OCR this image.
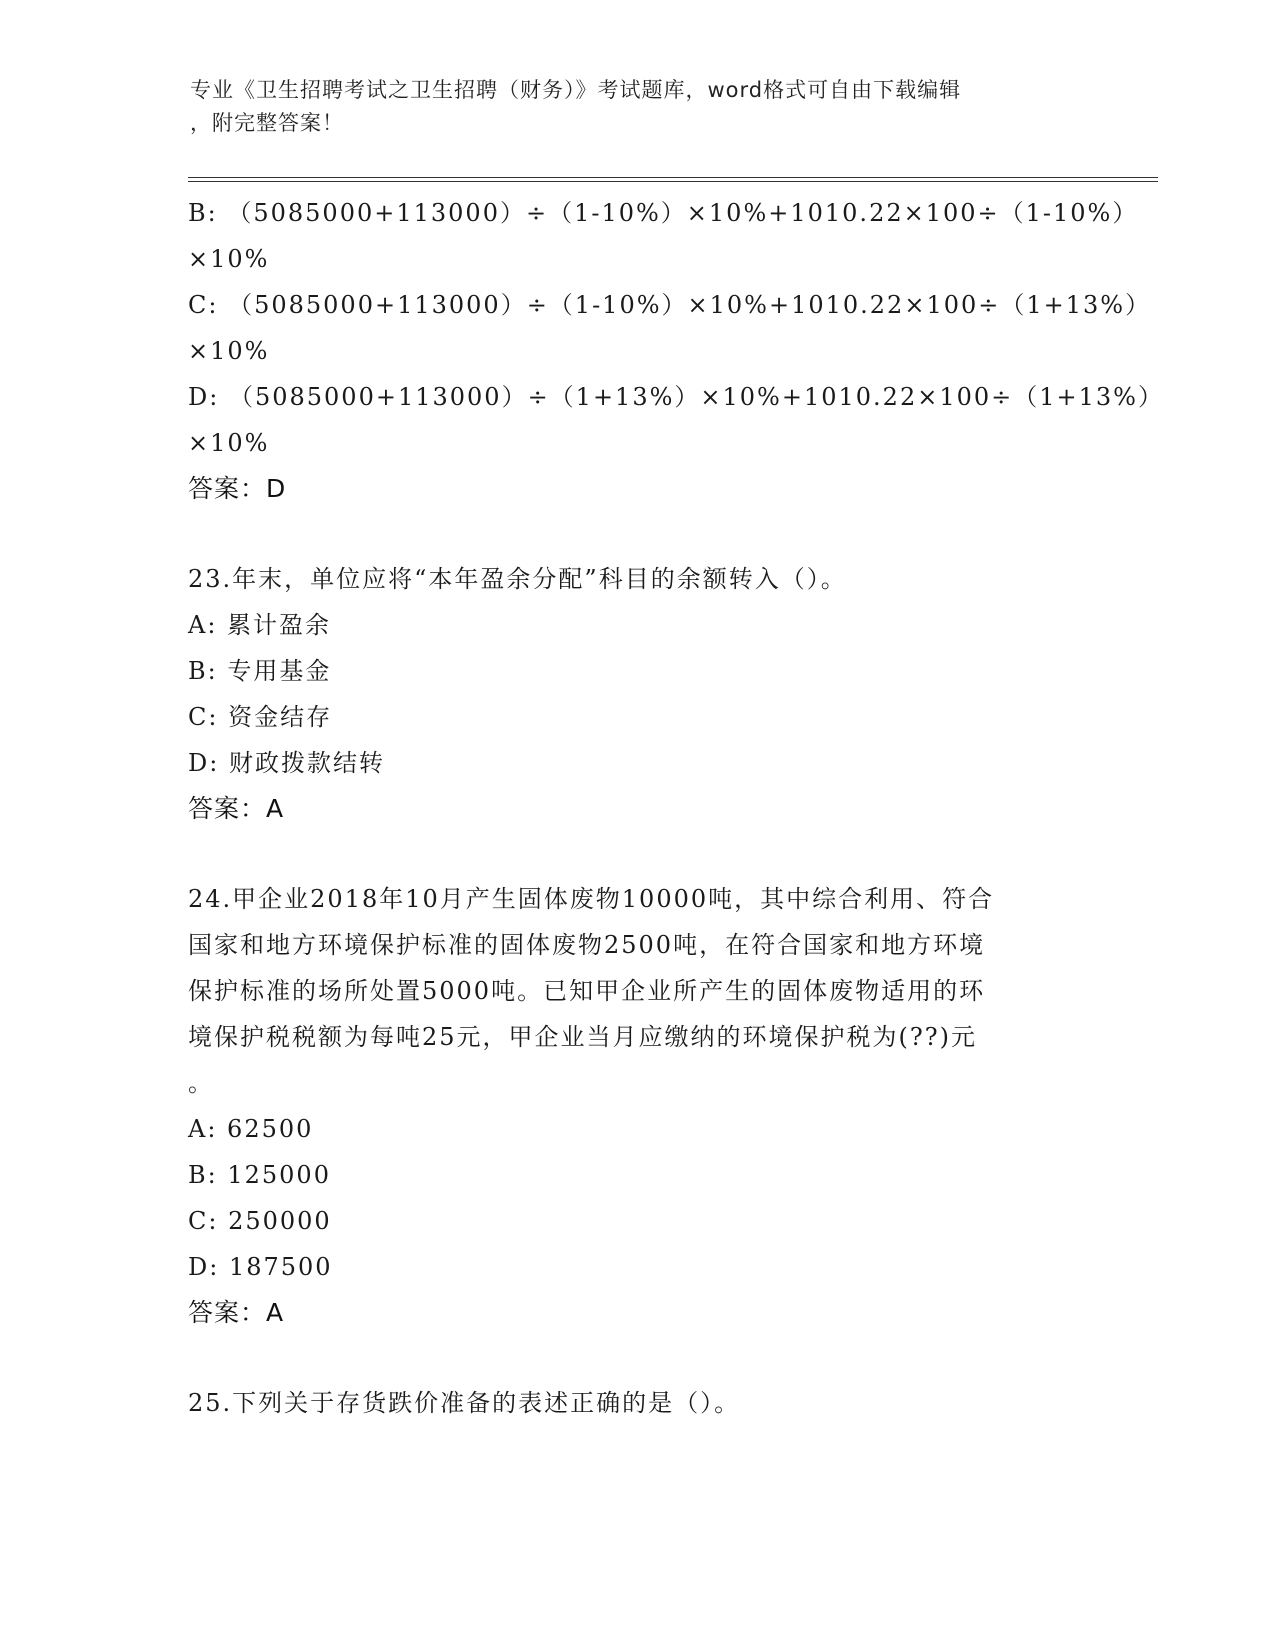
专业《卫生招聘考试之卫生招聘（财务）》考试题库，word格式可自由下载编辑
，附完整答案！
B: （5085000+113000）÷（1-10%）×10%+1010.22×100÷（1-10%）
×10%
C: （5085000+113000）÷（1-10%）×10%+1010.22×100÷（1+13%）
×10%
D: （5085000+113000）÷（1+13%）×10%+1010.22×100÷（1+13%）
×10%
答案：D
23.年末，单位应将“本年盈余分配”科目的余额转入（）。
A: 累计盈余
B: 专用基金
C: 资金结存
D: 财政拨款结转
答案：A
24.甲企业2018年10月产生固体废物10000吨，其中综合利用、符合
国家和地方环境保护标准的固体废物2500吨，在符合国家和地方环境
保护标准的场所处置5000吨。已知甲企业所产生的固体废物适用的环
境保护税税额为每吨25元，甲企业当月应缴纳的环境保护税为(??)元
。
A: 62500
B: 125000
C: 250000
D: 187500
答案：A
25.下列关于存货跌价准备的表述正确的是（）。
